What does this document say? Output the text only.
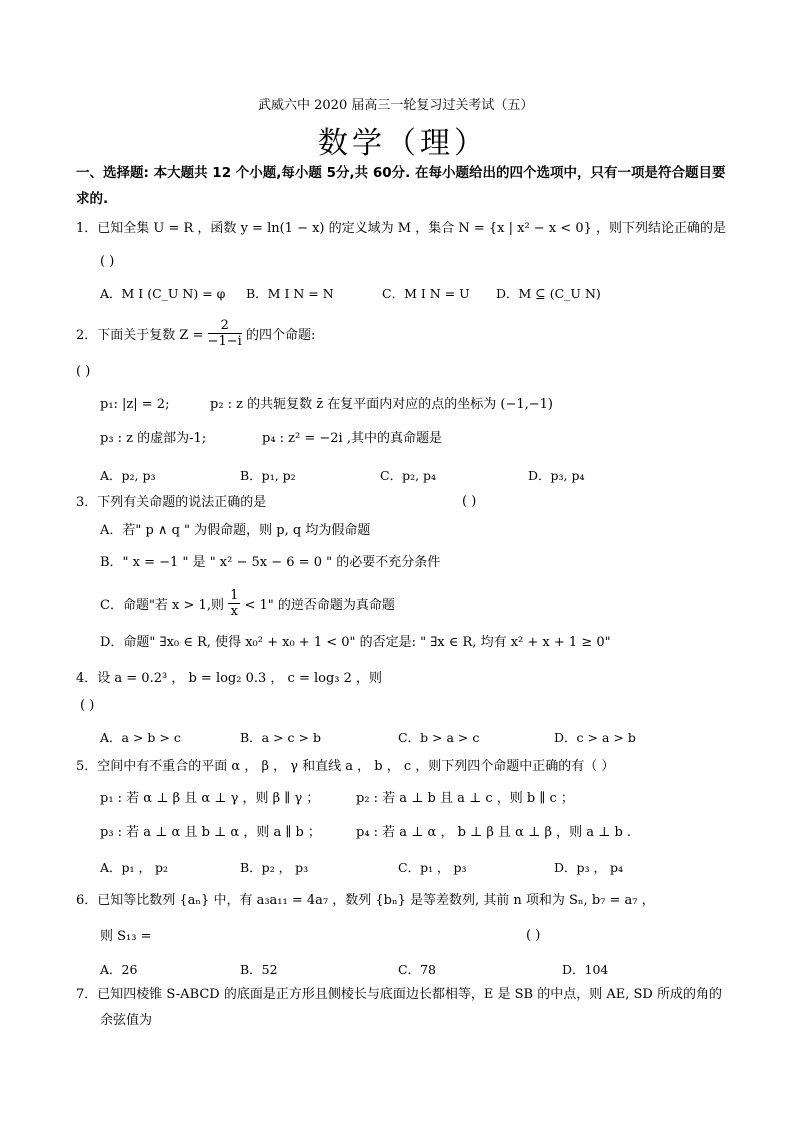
武威六中 2020 届高三一轮复习过关考试（五）
数学（理）
一、选择题: 本大题共 12 个小题,每小题 5分,共 60分. 在每小题给出的四个选项中，只有一项是符合题目要求的.
1．已知全集 U = R ，函数 y = ln(1 − x) 的定义域为 M ，集合 N = {x | x² − x < 0} ，则下列结论正确的是
( )
A．M I (C_U N) = φ B．M I N = N	C．M I N = U D．M ⊆ (C_U N)
2．下面关于复数 $Z = \frac{2}{-1-i}$ 的四个命题:
( )
p₁: |z| = 2;	p₂ : z 的共轭复数 z̄ 在复平面内对应的点的坐标为 (−1,−1)
p₃ : z 的虚部为-1;	p₄ : z² = −2i ,其中的真命题是
A．p₂, p₃	B．p₁, p₂	C．p₂, p₄	D．p₃, p₄
3．下列有关命题的说法正确的是	( )
A．若" p ∧ q " 为假命题，则 p, q 均为假命题
B．" x = −1 " 是 " x² − 5x − 6 = 0 " 的必要不充分条件
C．命题"若 x > 1,则 $\frac{1}{x} < 1$" 的逆否命题为真命题
D．命题" ∃x₀ ∈ R, 使得 x₀² + x₀ + 1 < 0" 的否定是: " ∃x ∈ R, 均有 x² + x + 1 ≥ 0"
4．设 a = 0.2³ ， b = log₂ 0.3 ， c = log₃ 2 ，则
( )
A．a > b > c	B．a > c > b	C．b > a > c	D．c > a > b
5．空间中有不重合的平面 α ， β ， γ 和直线 a ， b ， c ，则下列四个命题中正确的有（ ）
p₁ : 若 α ⊥ β 且 α ⊥ γ ，则 β ∥ γ ；	p₂ : 若 a ⊥ b 且 a ⊥ c ，则 b ∥ c ；
p₃ : 若 a ⊥ α 且 b ⊥ α ，则 a ∥ b ；	p₄ : 若 a ⊥ α ， b ⊥ β 且 α ⊥ β ，则 a ⊥ b .
A．p₁ ， p₂	B．p₂ ， p₃	C．p₁ ， p₃	D．p₃ ， p₄
6．已知等比数列 {aₙ} 中，有 a₃a₁₁ = 4a₇ ，数列 {bₙ} 是等差数列, 其前 n 项和为 Sₙ, b₇ = a₇ ，
则 S₁₃ =	( )
A．26	B．52	C．78	D．104
7．已知四棱锥 S-ABCD 的底面是正方形且侧棱长与底面边长都相等，E 是 SB 的中点，则 AE, SD 所成的角的
余弦值为
